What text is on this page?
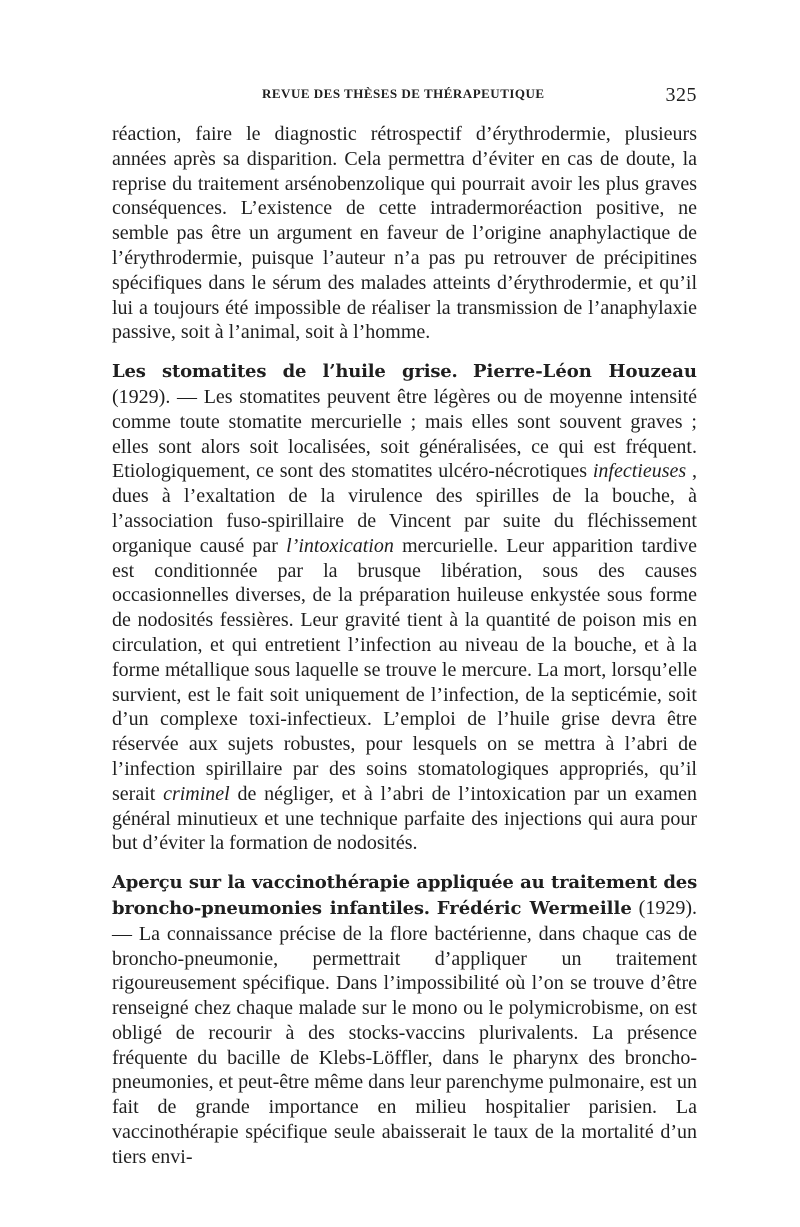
REVUE DES THÈSES DE THÉRAPEUTIQUE	325

réaction, faire le diagnostic rétrospectif d’érythrodermie, plusieurs années après sa disparition. Cela permettra d’éviter en cas de doute, la reprise du traitement arsénobenzolique qui pourrait avoir les plus graves conséquences. L’existence de cette intradermoréaction positive, ne semble pas être un argument en faveur de l’origine anaphylactique de l’érythrodermie, puisque l’auteur n’a pas pu retrouver de précipitines spécifiques dans le sérum des malades atteints d’érythrodermie, et qu’il lui a toujours été impossible de réaliser la transmission de l’anaphylaxie passive, soit à l’animal, soit à l’homme.

Les stomatites de l’huile grise. Pierre-Léon Houzeau (1929). — Les stomatites peuvent être légères ou de moyenne intensité comme toute stomatite mercurielle ; mais elles sont souvent graves ; elles sont alors soit localisées, soit généralisées, ce qui est fréquent. Etiologiquement, ce sont des stomatites ulcéro-nécrotiques infectieuses , dues à l’exaltation de la virulence des spirilles de la bouche, à l’association fuso-spirillaire de Vincent par suite du fléchissement organique causé par l’intoxication mercurielle. Leur apparition tardive est conditionnée par la brusque libération, sous des causes occasionnelles diverses, de la préparation huileuse enkystée sous forme de nodosités fessières. Leur gravité tient à la quantité de poison mis en circulation, et qui entretient l’infection au niveau de la bouche, et à la forme métallique sous laquelle se trouve le mercure. La mort, lorsqu’elle survient, est le fait soit uniquement de l’infection, de la septicémie, soit d’un complexe toxi-infectieux. L’emploi de l’huile grise devra être réservée aux sujets robustes, pour lesquels on se mettra à l’abri de l’infection spirillaire par des soins stomatologiques appropriés, qu’il serait criminel de négliger, et à l’abri de l’intoxication par un examen général minutieux et une technique parfaite des injections qui aura pour but d’éviter la formation de nodosités.

Aperçu sur la vaccinothérapie appliquée au traitement des broncho-pneumonies infantiles. Frédéric Wermeille (1929). — La connaissance précise de la flore bactérienne, dans chaque cas de broncho-pneumonie, permettrait d’appliquer un traitement rigoureusement spécifique. Dans l’impossibilité où l’on se trouve d’être renseigné chez chaque malade sur le mono ou le polymicrobisme, on est obligé de recourir à des stocks-vaccins plurivalents. La présence fréquente du bacille de Klebs-Löffler, dans le pharynx des broncho-pneumonies, et peut-être même dans leur parenchyme pulmonaire, est un fait de grande importance en milieu hospitalier parisien. La vaccinothérapie spécifique seule abaisserait le taux de la mortalité d’un tiers envi-
